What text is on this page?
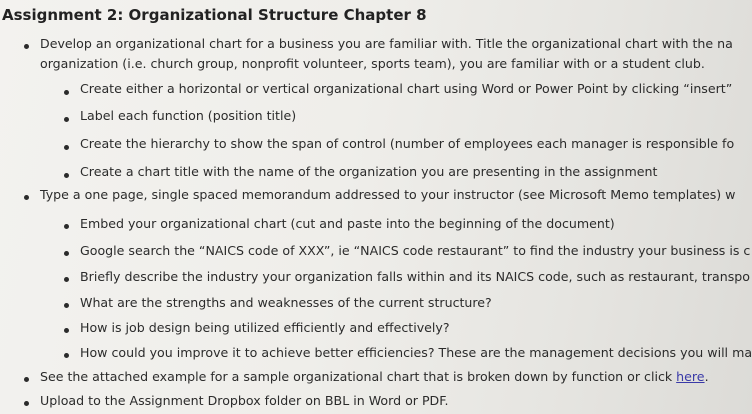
Assignment 2: Organizational Structure Chapter 8
Develop an organizational chart for a business you are familiar with. Title the organizational chart with the na
organization (i.e. church group, nonprofit volunteer, sports team), you are familiar with or a student club.
Create either a horizontal or vertical organizational chart using Word or Power Point by clicking “insert”
Label each function (position title)
Create the hierarchy to show the span of control (number of employees each manager is responsible fo
Create a chart title with the name of the organization you are presenting in the assignment
Type a one page, single spaced memorandum addressed to your instructor (see Microsoft Memo templates) w
Embed your organizational chart (cut and paste into the beginning of the document)
Google search the “NAICS code of XXX”, ie “NAICS code restaurant” to find the industry your business is c
Briefly describe the industry your organization falls within and its NAICS code, such as restaurant, transpo
What are the strengths and weaknesses of the current structure?
How is job design being utilized efficiently and effectively?
How could you improve it to achieve better efficiencies? These are the management decisions you will ma
See the attached example for a sample organizational chart that is broken down by function or click here.
Upload to the Assignment Dropbox folder on BBL in Word or PDF.
